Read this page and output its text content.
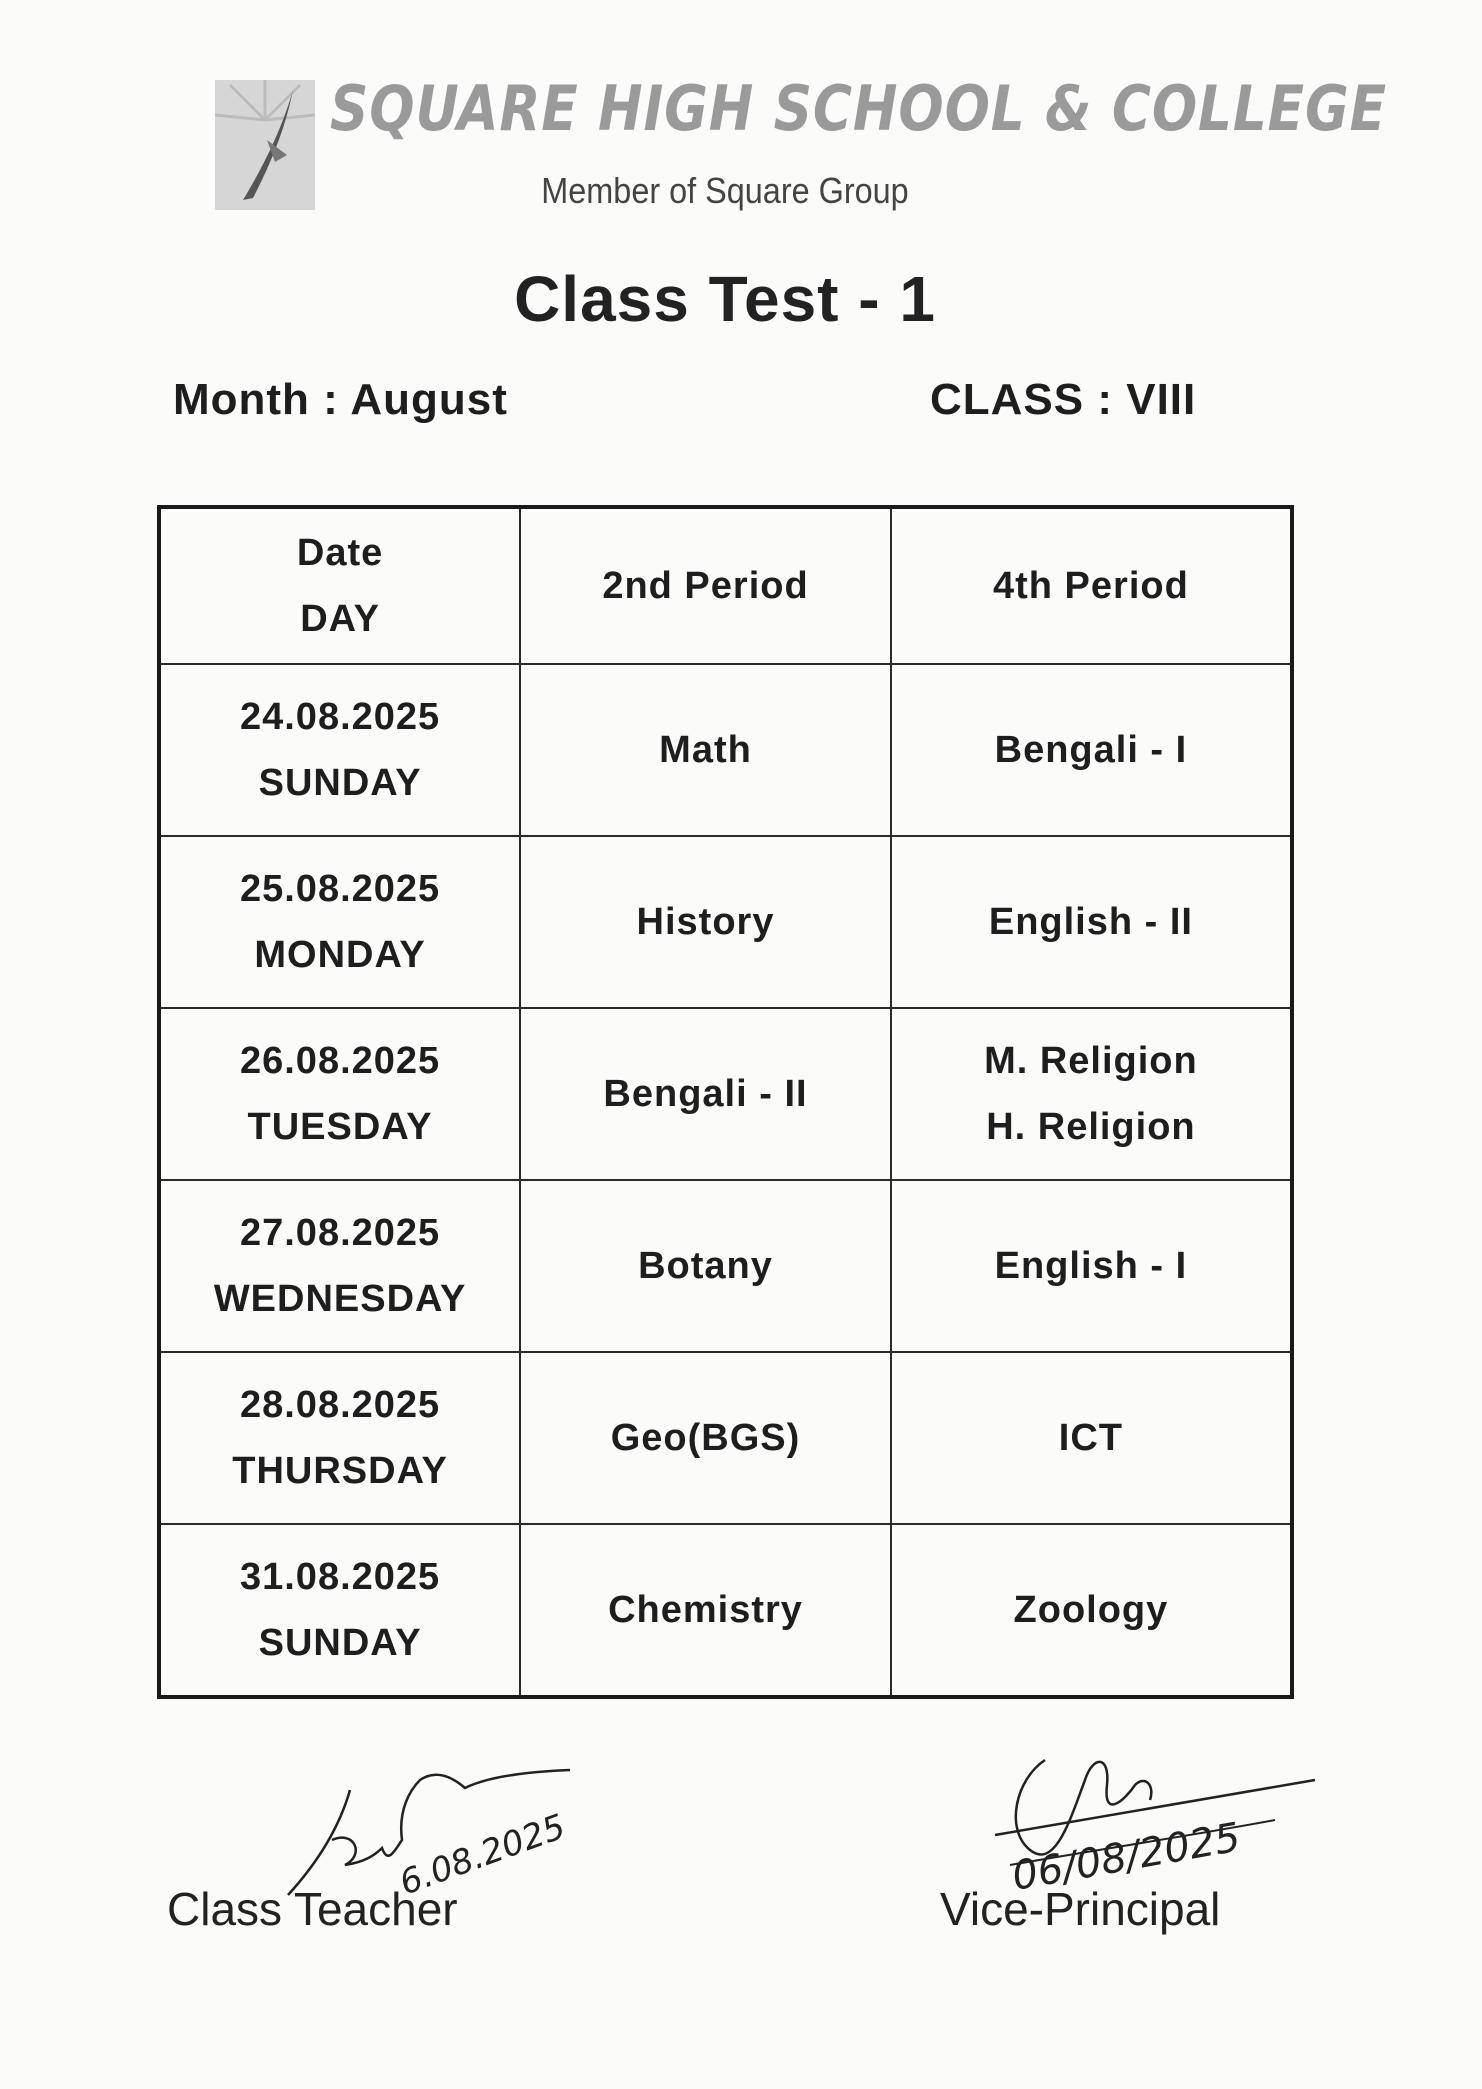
SQUARE HIGH SCHOOL & COLLEGE
Member of Square Group
Class Test - 1
Month : August	CLASS : VIII
Date
DAY	2nd Period	4th Period

24.08.2025
SUNDAY	Math	Bengali - I

25.08.2025
MONDAY	History	English - II

26.08.2025
TUESDAY	Bengali - II	M. Religion
H. Religion

27.08.2025
WEDNESDAY	Botany	English - I

28.08.2025
THURSDAY	Geo(BGS)	ICT

31.08.2025
SUNDAY	Chemistry	Zoology
6.08.2025	06/08/2025
Class Teacher	Vice-Principal
